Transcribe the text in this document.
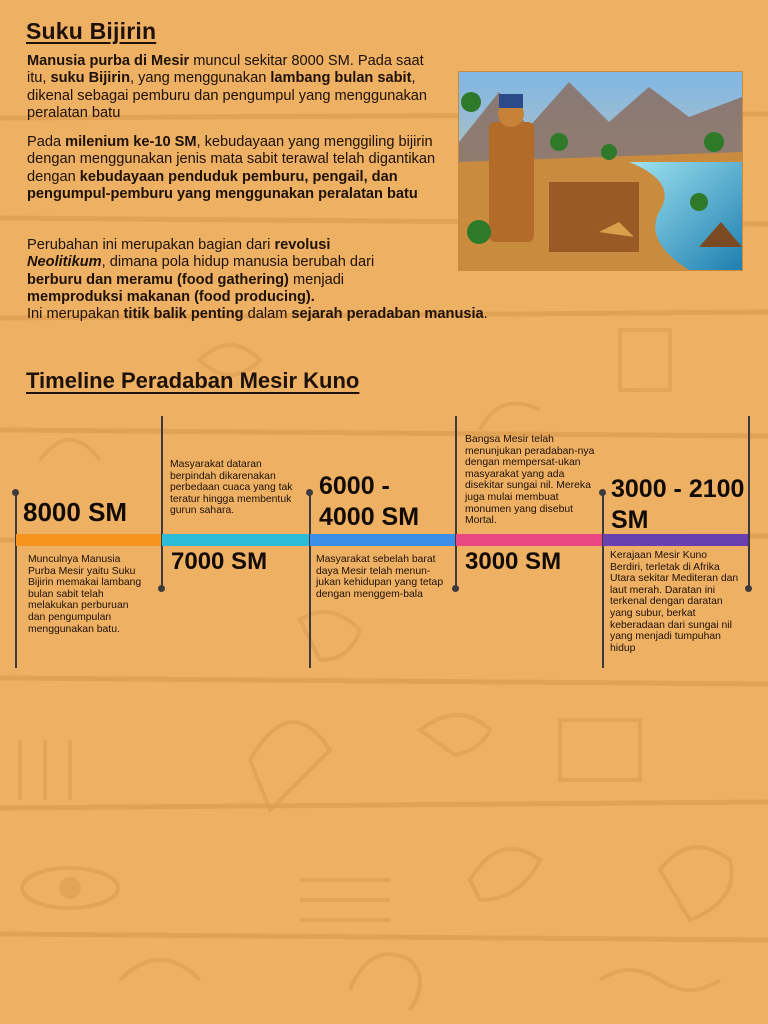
Suku Bijirin

Manusia purba di Mesir muncul sekitar 8000 SM. Pada saat itu, suku Bijirin, yang menggunakan lambang bulan sabit, dikenal sebagai pemburu dan pengumpul yang menggunakan peralatan batu

Pada milenium ke-10 SM, kebudayaan yang menggiling bijirin dengan menggunakan jenis mata sabit terawal telah digantikan dengan kebudayaan penduduk pemburu, pengail, dan pengumpul-pemburu yang menggunakan peralatan batu

Perubahan ini merupakan bagian dari revolusi
Neolitikum, dimana pola hidup manusia berubah dari
berburu dan meramu (food gathering) menjadi
memproduksi makanan (food producing).
Ini merupakan titik balik penting dalam sejarah peradaban manusia.

Timeline Peradaban Mesir Kuno
8000 SM
Munculnya Manusia Purba Mesir yaitu Suku Bijirin memakai lambang bulan sabit telah melakukan perburuan dan pengumpulan menggunakan batu.
Masyarakat dataran berpindah dikarenakan perbedaan cuaca yang tak teratur hingga membentuk gurun sahara.
7000 SM
6000 - 4000 SM
Masyarakat sebelah barat daya Mesir telah menun-jukan kehidupan yang tetap dengan menggem-bala
Bangsa Mesir telah menunjukan peradaban-nya dengan mempersat-ukan masyarakat yang ada disekitar sungai nil. Mereka juga mulai membuat monumen yang disebut Mortal.
3000 SM
3000 - 2100 SM
Kerajaan Mesir Kuno Berdiri, terletak di Afrika Utara sekitar Mediteran dan laut merah. Daratan ini terkenal dengan daratan yang subur, berkat keberadaan dari sungai nil yang menjadi tumpuhan hidup
